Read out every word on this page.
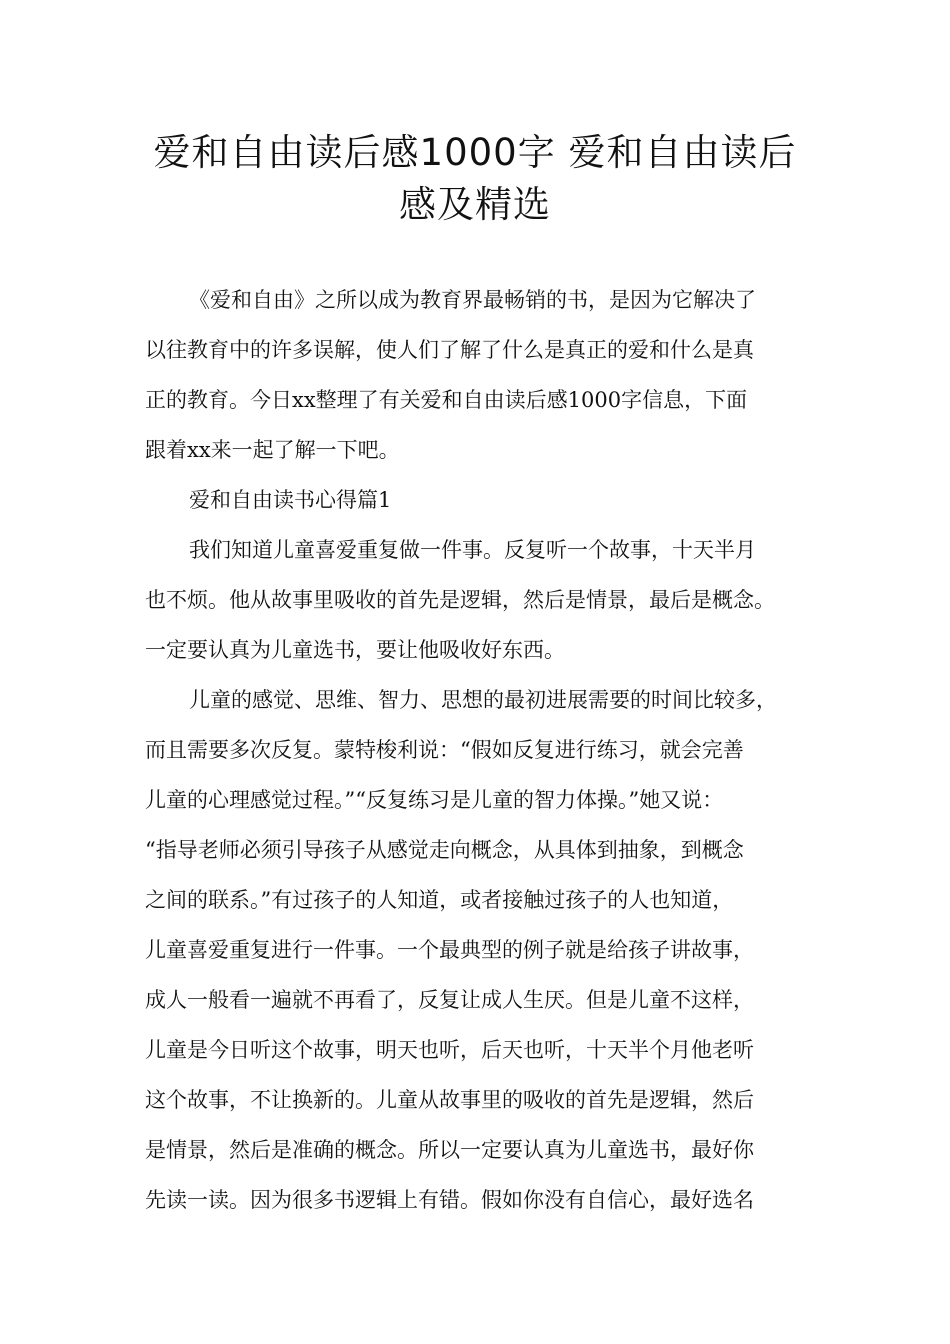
爱和自由读后感1000字 爱和自由读后
感及精选
《爱和自由》之所以成为教育界最畅销的书，是因为它解决了
以往教育中的许多误解，使人们了解了什么是真正的爱和什么是真
正的教育。今日xx整理了有关爱和自由读后感1000字信息，下面
跟着xx来一起了解一下吧。
爱和自由读书心得篇1
我们知道儿童喜爱重复做一件事。反复听一个故事，十天半月
也不烦。他从故事里吸收的首先是逻辑，然后是情景，最后是概念。
一定要认真为儿童选书，要让他吸收好东西。
儿童的感觉、思维、智力、思想的最初进展需要的时间比较多，
而且需要多次反复。蒙特梭利说：“假如反复进行练习，就会完善
儿童的心理感觉过程。”“反复练习是儿童的智力体操。”她又说：
“指导老师必须引导孩子从感觉走向概念，从具体到抽象，到概念
之间的联系。”有过孩子的人知道，或者接触过孩子的人也知道，
儿童喜爱重复进行一件事。一个最典型的例子就是给孩子讲故事，
成人一般看一遍就不再看了，反复让成人生厌。但是儿童不这样，
儿童是今日听这个故事，明天也听，后天也听，十天半个月他老听
这个故事，不让换新的。儿童从故事里的吸收的首先是逻辑，然后
是情景，然后是准确的概念。所以一定要认真为儿童选书，最好你
先读一读。因为很多书逻辑上有错。假如你没有自信心，最好选名
